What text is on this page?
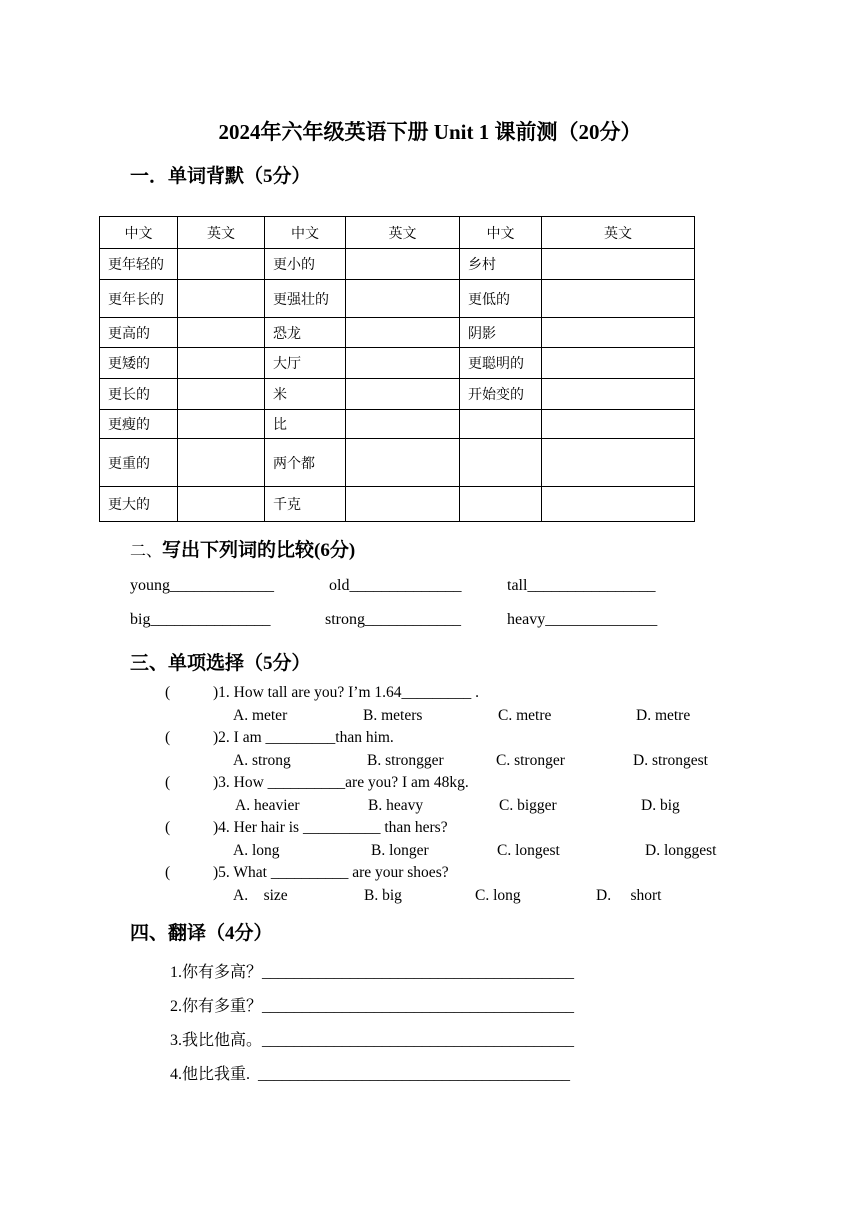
2024年六年级英语下册 Unit 1 课前测（20分）
一．单词背默（5分）
中文	英文	中文	英文	中文	英文
更年轻的		更小的		乡村	
更年长的		更强壮的		更低的	
更高的		恐龙		阴影	
更矮的		大厅		更聪明的	
更长的		米		开始变的	
更瘦的		比			
更重的		两个都			
更大的		千克			
二、写出下列词的比较(6分)
young_____________	old______________	tall________________
big_______________	strong____________	heavy______________
三、单项选择（5分）
(	)1. How tall are you? I’m 1.64_________ .
A. meter	B. meters	C. metre	D. metre
(	)2. I am _________than him.
A. strong	B. strongger	C. stronger	D. strongest
(	)3. How __________are you? I am 48kg.
A. heavier	B. heavy	C. bigger	D. big
(	)4. Her hair is __________ than hers?
A. long	B. longer	C. longest	D. longgest
(	)5. What __________ are your shoes?
A.    size	B. big	C. long	D.     short
四、翻译（4分）
1.你有多高？_______________________________________
2.你有多重？_______________________________________
3.我比他高。_______________________________________
4.他比我重.  _______________________________________
